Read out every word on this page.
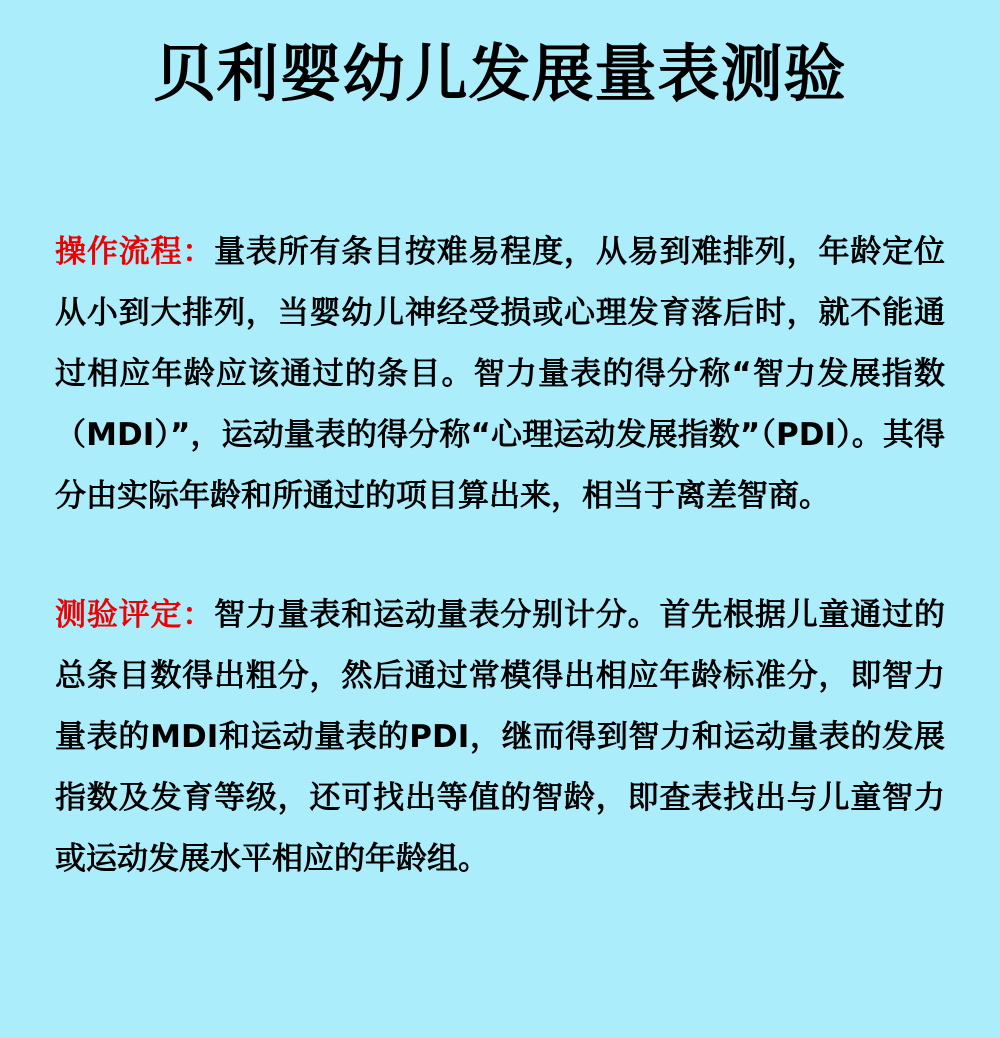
贝利婴幼儿发展量表测验

操作流程：量表所有条目按难易程度，从易到难排列，年龄定位从小到大排列，当婴幼儿神经受损或心理发育落后时，就不能通过相应年龄应该通过的条目。智力量表的得分称“智力发展指数（MDI）”，运动量表的得分称“心理运动发展指数”（PDI）。其得分由实际年龄和所通过的项目算出来，相当于离差智商。

测验评定：智力量表和运动量表分别计分。首先根据儿童通过的总条目数得出粗分，然后通过常模得出相应年龄标准分，即智力量表的MDI和运动量表的PDI，继而得到智力和运动量表的发展指数及发育等级，还可找出等值的智龄，即查表找出与儿童智力或运动发展水平相应的年龄组。
